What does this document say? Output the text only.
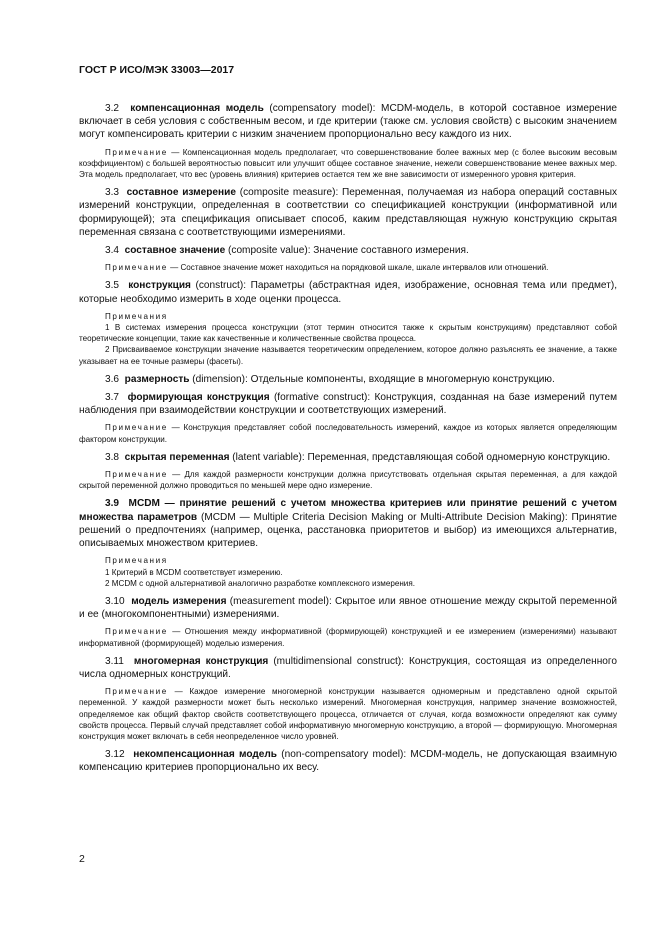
ГОСТ Р ИСО/МЭК 33003—2017

3.2 компенсационная модель (compensatory model): MCDM-модель, в которой составное измерение включает в себя условия с собственным весом, и где критерии (также см. условия свойств) с высоким значением могут компенсировать критерии с низким значением пропорционально весу каждого из них.

Примечание — Компенсационная модель предполагает, что совершенствование более важных мер (с более высоким весовым коэффициентом) с большей вероятностью повысит или улучшит общее составное значение, нежели совершенствование менее важных мер. Эта модель предполагает, что вес (уровень влияния) критериев остается тем же вне зависимости от измеренного уровня критерия.

3.3 составное измерение (composite measure): Переменная, получаемая из набора операций составных измерений конструкции, определенная в соответствии со спецификацией конструкции (информативной или формирующей); эта спецификация описывает способ, каким представляющая нужную конструкцию скрытая переменная связана с соответствующими измерениями.

3.4 составное значение (composite value): Значение составного измерения.

Примечание — Составное значение может находиться на порядковой шкале, шкале интервалов или отношений.

3.5 конструкция (construct): Параметры (абстрактная идея, изображение, основная тема или предмет), которые необходимо измерить в ходе оценки процесса.

Примечания

1 В системах измерения процесса конструкции (этот термин относится также к скрытым конструкциям) представляют собой теоретические концепции, такие как качественные и количественные свойства процесса.

2 Присваиваемое конструкции значение называется теоретическим определением, которое должно разъяснять ее значение, а также указывает на ее точные размеры (фасеты).

3.6 размерность (dimension): Отдельные компоненты, входящие в многомерную конструкцию.

3.7 формирующая конструкция (formative construct): Конструкция, созданная на базе измерений путем наблюдения при взаимодействии конструкции и соответствующих измерений.

Примечание — Конструкция представляет собой последовательность измерений, каждое из которых является определяющим фактором конструкции.

3.8 скрытая переменная (latent variable): Переменная, представляющая собой одномерную конструкцию.

Примечание — Для каждой размерности конструкции должна присутствовать отдельная скрытая переменная, а для каждой скрытой переменной должно проводиться по меньшей мере одно измерение.

3.9 MCDM — принятие решений с учетом множества критериев или принятие решений с учетом множества параметров (MCDM — Multiple Criteria Decision Making or Multi-Attribute Decision Making): Принятие решений о предпочтениях (например, оценка, расстановка приоритетов и выбор) из имеющихся альтернатив, описываемых множеством критериев.

Примечания

1 Критерий в MCDM соответствует измерению.

2 MCDM с одной альтернативой аналогично разработке комплексного измерения.

3.10 модель измерения (measurement model): Скрытое или явное отношение между скрытой переменной и ее (многокомпонентными) измерениями.

Примечание — Отношения между информативной (формирующей) конструкцией и ее измерением (измерениями) называют информативной (формирующей) моделью измерения.

3.11 многомерная конструкция (multidimensional construct): Конструкция, состоящая из определенного числа одномерных конструкций.

Примечание — Каждое измерение многомерной конструкции называется одномерным и представлено одной скрытой переменной. У каждой размерности может быть несколько измерений. Многомерная конструкция, например значение возможностей, определяемое как общий фактор свойств соответствующего процесса, отличается от случая, когда возможности определяют как сумму свойств процесса. Первый случай представляет собой информативную многомерную конструкцию, а второй — формирующую. Многомерная конструкция может включать в себя неопределенное число уровней.

3.12 некомпенсационная модель (non-compensatory model): MCDM-модель, не допускающая взаимную компенсацию критериев пропорционально их весу.

2
